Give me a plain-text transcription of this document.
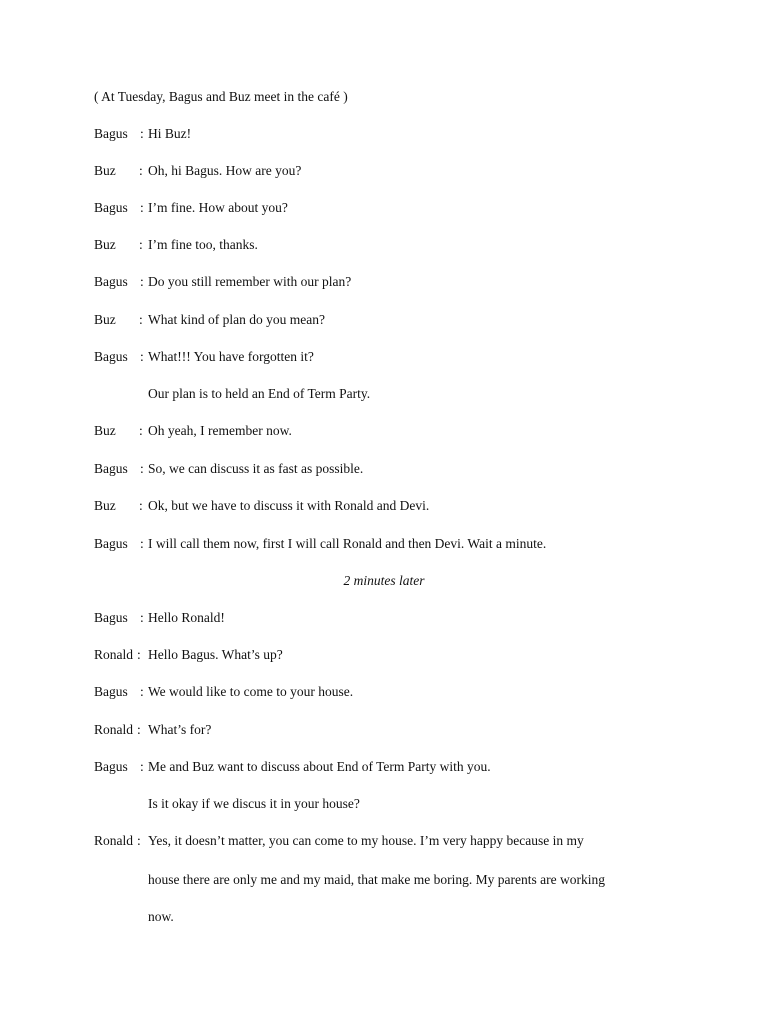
( At Tuesday, Bagus and Buz meet in the café )
Bagus : Hi Buz!
Buz : Oh, hi Bagus. How are you?
Bagus : I’m fine. How about you?
Buz : I’m fine too, thanks.
Bagus : Do you still remember with our plan?
Buz : What kind of plan do you mean?
Bagus : What!!! You have forgotten it?
Our plan is to held an End of Term Party.
Buz : Oh yeah, I remember now.
Bagus : So, we can discuss it as fast as possible.
Buz : Ok, but we have to discuss it with Ronald and Devi.
Bagus : I will call them now, first I will call Ronald and then Devi. Wait a minute.
2 minutes later
Bagus : Hello Ronald!
Ronald : Hello Bagus. What’s up?
Bagus : We would like to come to your house.
Ronald : What’s for?
Bagus : Me and Buz want to discuss about End of Term Party with you.
Is it okay if we discus it in your house?
Ronald : Yes, it doesn’t matter, you can come to my house. I’m very happy because in my
house there are only me and my maid, that make me boring. My parents are working
now.
